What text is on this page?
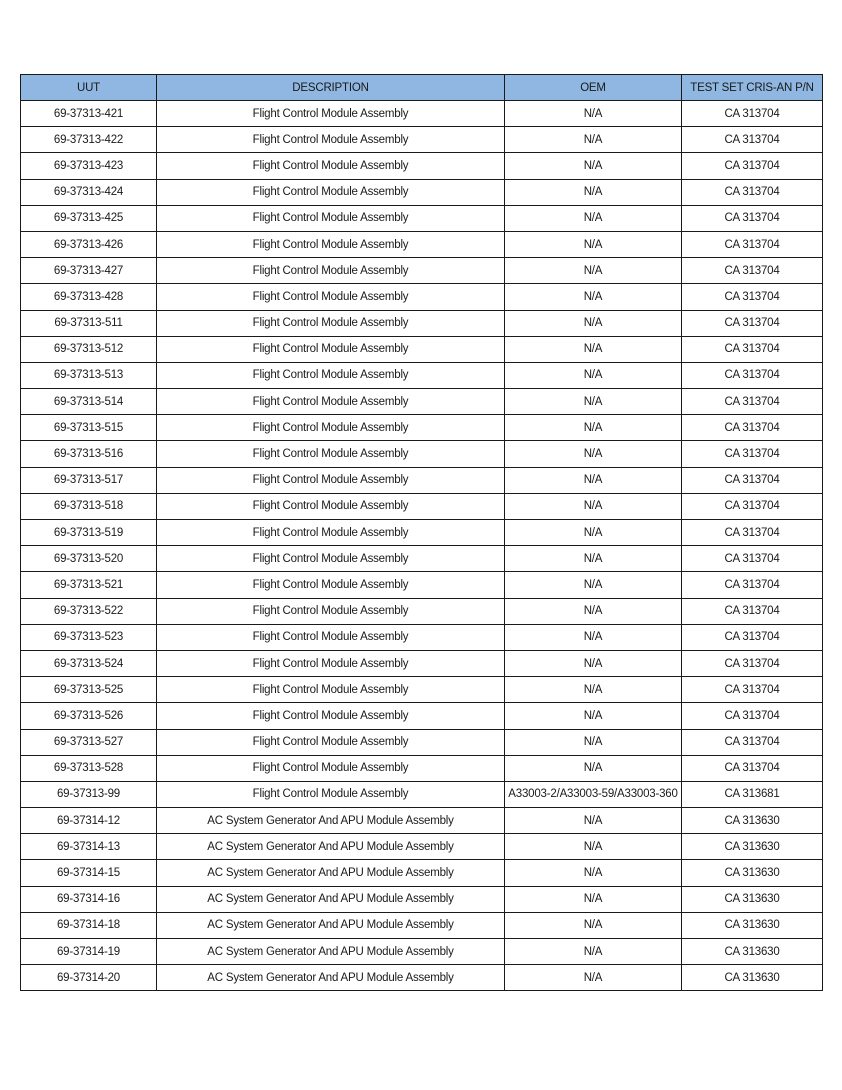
UUT	DESCRIPTION	OEM	TEST SET CRIS-AN P/N
69-37313-421	Flight Control Module Assembly	N/A	CA 313704
69-37313-422	Flight Control Module Assembly	N/A	CA 313704
69-37313-423	Flight Control Module Assembly	N/A	CA 313704
69-37313-424	Flight Control Module Assembly	N/A	CA 313704
69-37313-425	Flight Control Module Assembly	N/A	CA 313704
69-37313-426	Flight Control Module Assembly	N/A	CA 313704
69-37313-427	Flight Control Module Assembly	N/A	CA 313704
69-37313-428	Flight Control Module Assembly	N/A	CA 313704
69-37313-511	Flight Control Module Assembly	N/A	CA 313704
69-37313-512	Flight Control Module Assembly	N/A	CA 313704
69-37313-513	Flight Control Module Assembly	N/A	CA 313704
69-37313-514	Flight Control Module Assembly	N/A	CA 313704
69-37313-515	Flight Control Module Assembly	N/A	CA 313704
69-37313-516	Flight Control Module Assembly	N/A	CA 313704
69-37313-517	Flight Control Module Assembly	N/A	CA 313704
69-37313-518	Flight Control Module Assembly	N/A	CA 313704
69-37313-519	Flight Control Module Assembly	N/A	CA 313704
69-37313-520	Flight Control Module Assembly	N/A	CA 313704
69-37313-521	Flight Control Module Assembly	N/A	CA 313704
69-37313-522	Flight Control Module Assembly	N/A	CA 313704
69-37313-523	Flight Control Module Assembly	N/A	CA 313704
69-37313-524	Flight Control Module Assembly	N/A	CA 313704
69-37313-525	Flight Control Module Assembly	N/A	CA 313704
69-37313-526	Flight Control Module Assembly	N/A	CA 313704
69-37313-527	Flight Control Module Assembly	N/A	CA 313704
69-37313-528	Flight Control Module Assembly	N/A	CA 313704
69-37313-99	Flight Control Module Assembly	A33003-2/A33003-59/A33003-360	CA 313681
69-37314-12	AC System Generator And APU Module Assembly	N/A	CA 313630
69-37314-13	AC System Generator And APU Module Assembly	N/A	CA 313630
69-37314-15	AC System Generator And APU Module Assembly	N/A	CA 313630
69-37314-16	AC System Generator And APU Module Assembly	N/A	CA 313630
69-37314-18	AC System Generator And APU Module Assembly	N/A	CA 313630
69-37314-19	AC System Generator And APU Module Assembly	N/A	CA 313630
69-37314-20	AC System Generator And APU Module Assembly	N/A	CA 313630
